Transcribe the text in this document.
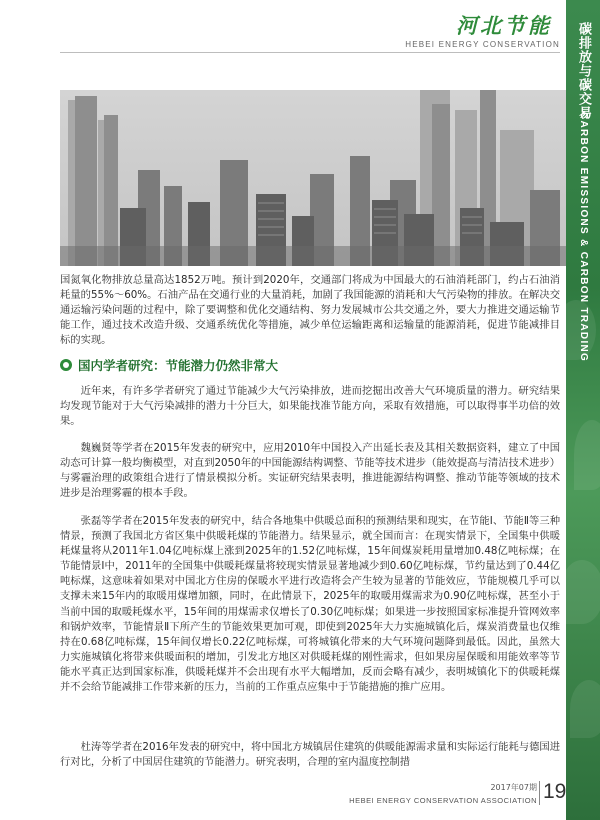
河北节能
HEBEI ENERGY CONSERVATION	碳排放与碳交易
CARBON EMISSIONS & CARBON TRADING
国氮氧化物排放总量高达1852万吨。预计到2020年，交通部门将成为中国最大的石油消耗部门，约占石油消耗量的55%～60%。石油产品在交通行业的大量消耗，加剧了我国能源的消耗和大气污染物的排放。在解决交通运输污染问题的过程中，除了要调整和优化交通结构、努力发展城市公共交通之外，要大力推进交通运输节能工作，通过技术改造升级、交通系统优化等措施，减少单位运输距离和运输量的能源消耗，促进节能减排目标的实现。
国内学者研究：节能潜力仍然非常大
近年来，有许多学者研究了通过节能减少大气污染排放，进而挖掘出改善大气环境质量的潜力。研究结果均发现节能对于大气污染减排的潜力十分巨大，如果能找准节能方向，采取有效措施，可以取得事半功倍的效果。
魏巍贤等学者在2015年发表的研究中，应用2010年中国投入产出延长表及其相关数据资料，建立了中国动态可计算一般均衡模型，对直到2050年的中国能源结构调整、节能等技术进步（能效提高与清洁技术进步）与雾霾治理的政策组合进行了情景模拟分析。实证研究结果表明，推进能源结构调整、推动节能等领域的技术进步是治理雾霾的根本手段。
张磊等学者在2015年发表的研究中，结合各地集中供暖总面积的预测结果和现实，在节能I、节能Ⅱ等三种情景，预测了我国北方省区集中供暖耗煤的节能潜力。结果显示，就全国而言：在现实情景下，全国集中供暖耗煤量将从2011年1.04亿吨标煤上涨到2025年的1.52亿吨标煤，15年间煤炭耗用量增加0.48亿吨标煤；在节能情景I中，2011年的全国集中供暖耗煤量将较现实情景显著地减少到0.60亿吨标煤，节约量达到了0.44亿吨标煤，这意味着如果对中国北方住房的保暖水平进行改造将会产生较为显著的节能效应，节能规模几乎可以支撑未来15年内的取暖用煤增加额，同时，在此情景下，2025年的取暖用煤需求为0.90亿吨标煤，甚至小于当前中国的取暖耗煤水平，15年间的用煤需求仅增长了0.30亿吨标煤；如果进一步按照国家标准提升管网效率和锅炉效率，节能情景Ⅱ下所产生的节能效果更加可观，即使到2025年大力实施城镇化后，煤炭消费量也仅维持在0.68亿吨标煤，15年间仅增长0.22亿吨标煤，可将城镇化带来的大气环境问题降到最低。因此，虽然大力实施城镇化将带来供暖面积的增加，引发北方地区对供暖耗煤的刚性需求，但如果房屋保暖和用能效率等节能水平真正达到国家标准，供暖耗煤并不会出现有水平大幅增加，反而会略有减少，表明城镇化下的供暖耗煤并不会给节能减排工作带来新的压力，当前的工作重点应集中于节能措施的推广应用。
杜涛等学者在2016年发表的研究中，将中国北方城镇居住建筑的供暖能源需求量和实际运行能耗与德国进行对比，分析了中国居住建筑的节能潜力。研究表明，合理的室内温度控制措
2017年07期
HEBEI ENERGY CONSERVATION ASSOCIATION 19
